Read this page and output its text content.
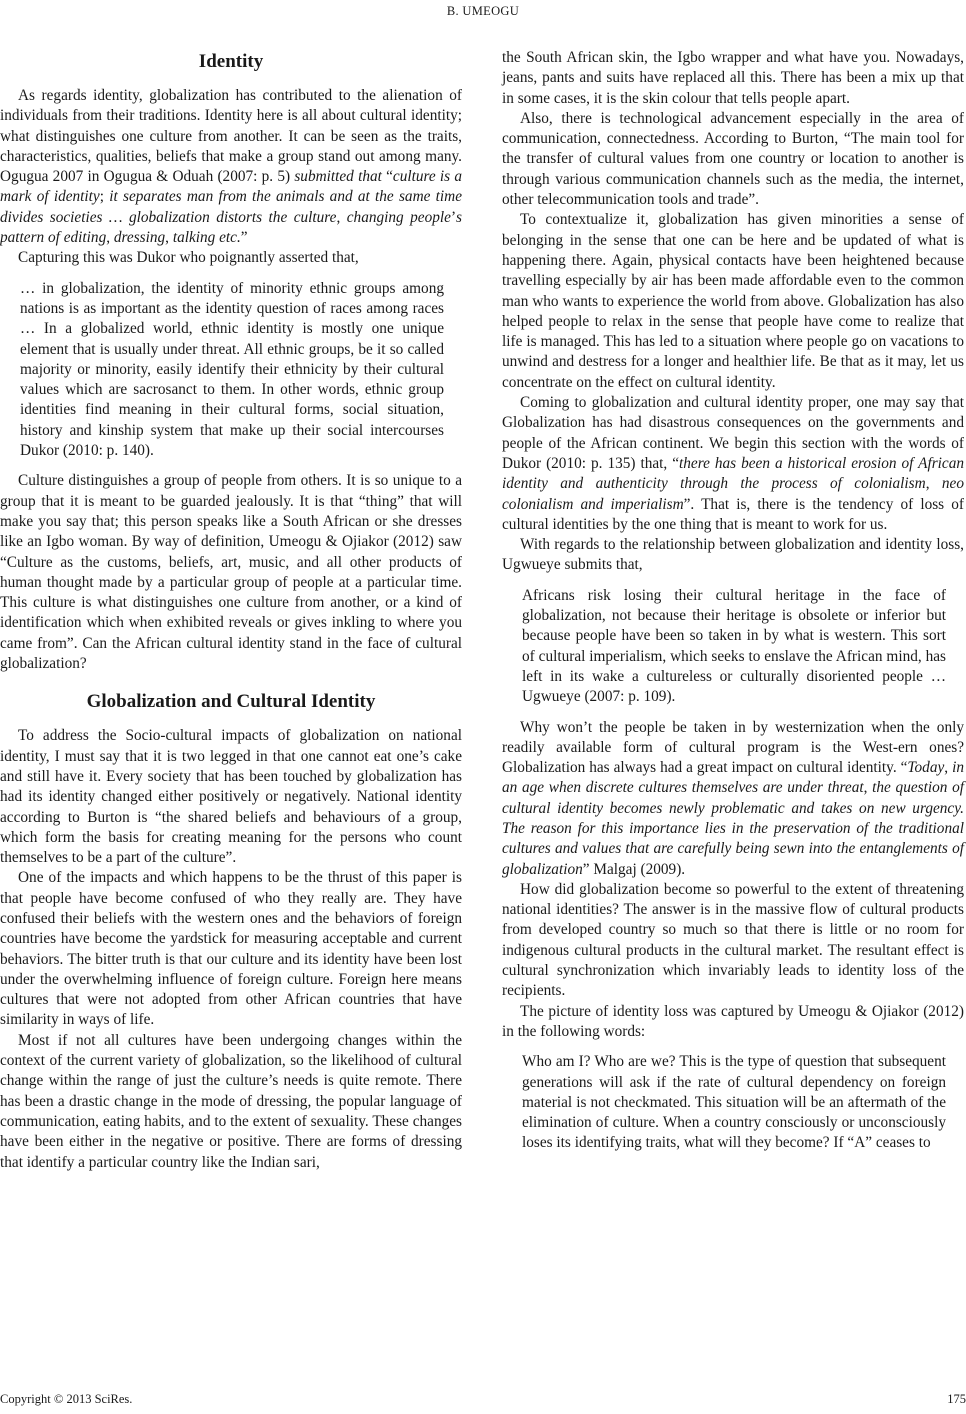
B. UMEOGU
Identity

As regards identity, globalization has contributed to the alienation of individuals from their traditions. Identity here is all about cultural identity; what distinguishes one culture from another. It can be seen as the traits, characteristics, qualities, beliefs that make a group stand out among many. Ogugua 2007 in Ogugua & Oduah (2007: p. 5) submitted that “culture is a mark of identity; it separates man from the animals and at the same time divides societies … globalization distorts the culture, changing people’s pattern of editing, dressing, talking etc.”

Capturing this was Dukor who poignantly asserted that,

… in globalization, the identity of minority ethnic groups among nations is as important as the identity question of races among races … In a globalized world, ethnic identity is mostly one unique element that is usually under threat. All ethnic groups, be it so called majority or minority, easily identify their ethnicity by their cultural values which are sacrosanct to them. In other words, ethnic group identities find meaning in their cultural forms, social situation, history and kinship system that make up their social intercourses Dukor (2010: p. 140).

Culture distinguishes a group of people from others. It is so unique to a group that it is meant to be guarded jealously. It is that “thing” that will make you say that; this person speaks like a South African or she dresses like an Igbo woman. By way of definition, Umeogu & Ojiakor (2012) saw “Culture as the customs, beliefs, art, music, and all other products of human thought made by a particular group of people at a particular time. This culture is what distinguishes one culture from another, or a kind of identification which when exhibited reveals or gives inkling to where you came from”. Can the African cultural identity stand in the face of cultural globalization?

Globalization and Cultural Identity

To address the Socio-cultural impacts of globalization on national identity, I must say that it is two legged in that one cannot eat one’s cake and still have it. Every society that has been touched by globalization has had its identity changed either positively or negatively. National identity according to Burton is “the shared beliefs and behaviours of a group, which form the basis for creating meaning for the persons who count themselves to be a part of the culture”.

One of the impacts and which happens to be the thrust of this paper is that people have become confused of who they really are. They have confused their beliefs with the western ones and the behaviors of foreign countries have become the yardstick for measuring acceptable and current behaviors. The bitter truth is that our culture and its identity have been lost under the overwhelming influence of foreign culture. Foreign here means cultures that were not adopted from other African countries that have similarity in ways of life.

Most if not all cultures have been undergoing changes within the context of the current variety of globalization, so the likelihood of cultural change within the range of just the culture’s needs is quite remote. There has been a drastic change in the mode of dressing, the popular language of communication, eating habits, and to the extent of sexuality. These changes have been either in the negative or positive. There are forms of dressing that identify a particular country like the Indian sari,

the South African skin, the Igbo wrapper and what have you. Nowadays, jeans, pants and suits have replaced all this. There has been a mix up that in some cases, it is the skin colour that tells people apart.

Also, there is technological advancement especially in the area of communication, connectedness. According to Burton, “The main tool for the transfer of cultural values from one country or location to another is through various communication channels such as the media, the internet, other telecommunication tools and trade”.

To contextualize it, globalization has given minorities a sense of belonging in the sense that one can be here and be updated of what is happening there. Again, physical contacts have been heightened because travelling especially by air has been made affordable even to the common man who wants to experience the world from above. Globalization has also helped people to relax in the sense that people have come to realize that life is managed. This has led to a situation where people go on vacations to unwind and destress for a longer and healthier life. Be that as it may, let us concentrate on the effect on cultural identity.

Coming to globalization and cultural identity proper, one may say that Globalization has had disastrous consequences on the governments and people of the African continent. We begin this section with the words of Dukor (2010: p. 135) that, “there has been a historical erosion of African identity and authenticity through the process of colonialism, neo colonialism and imperialism”. That is, there is the tendency of loss of cultural identities by the one thing that is meant to work for us.

With regards to the relationship between globalization and identity loss, Ugwueye submits that,

Africans risk losing their cultural heritage in the face of globalization, not because their heritage is obsolete or inferior but because people have been so taken in by what is western. This sort of cultural imperialism, which seeks to enslave the African mind, has left in its wake a cultureless or culturally disoriented people … Ugwueye (2007: p. 109).

Why won’t the people be taken in by westernization when the only readily available form of cultural program is the West-ern ones? Globalization has always had a great impact on cultural identity. “Today, in an age when discrete cultures themselves are under threat, the question of cultural identity becomes newly problematic and takes on new urgency. The reason for this importance lies in the preservation of the traditional cultures and values that are carefully being sewn into the entanglements of globalization” Malgaj (2009).

How did globalization become so powerful to the extent of threatening national identities? The answer is in the massive flow of cultural products from developed country so much so that there is little or no room for indigenous cultural products in the cultural market. The resultant effect is cultural synchronization which invariably leads to identity loss of the recipients.

The picture of identity loss was captured by Umeogu & Ojiakor (2012) in the following words:

Who am I? Who are we? This is the type of question that subsequent generations will ask if the rate of cultural dependency on foreign material is not checkmated. This situation will be an aftermath of the elimination of culture. When a country consciously or unconsciously loses its identifying traits, what will they become? If “A” ceases to

Copyright © 2013 SciRes.	175
